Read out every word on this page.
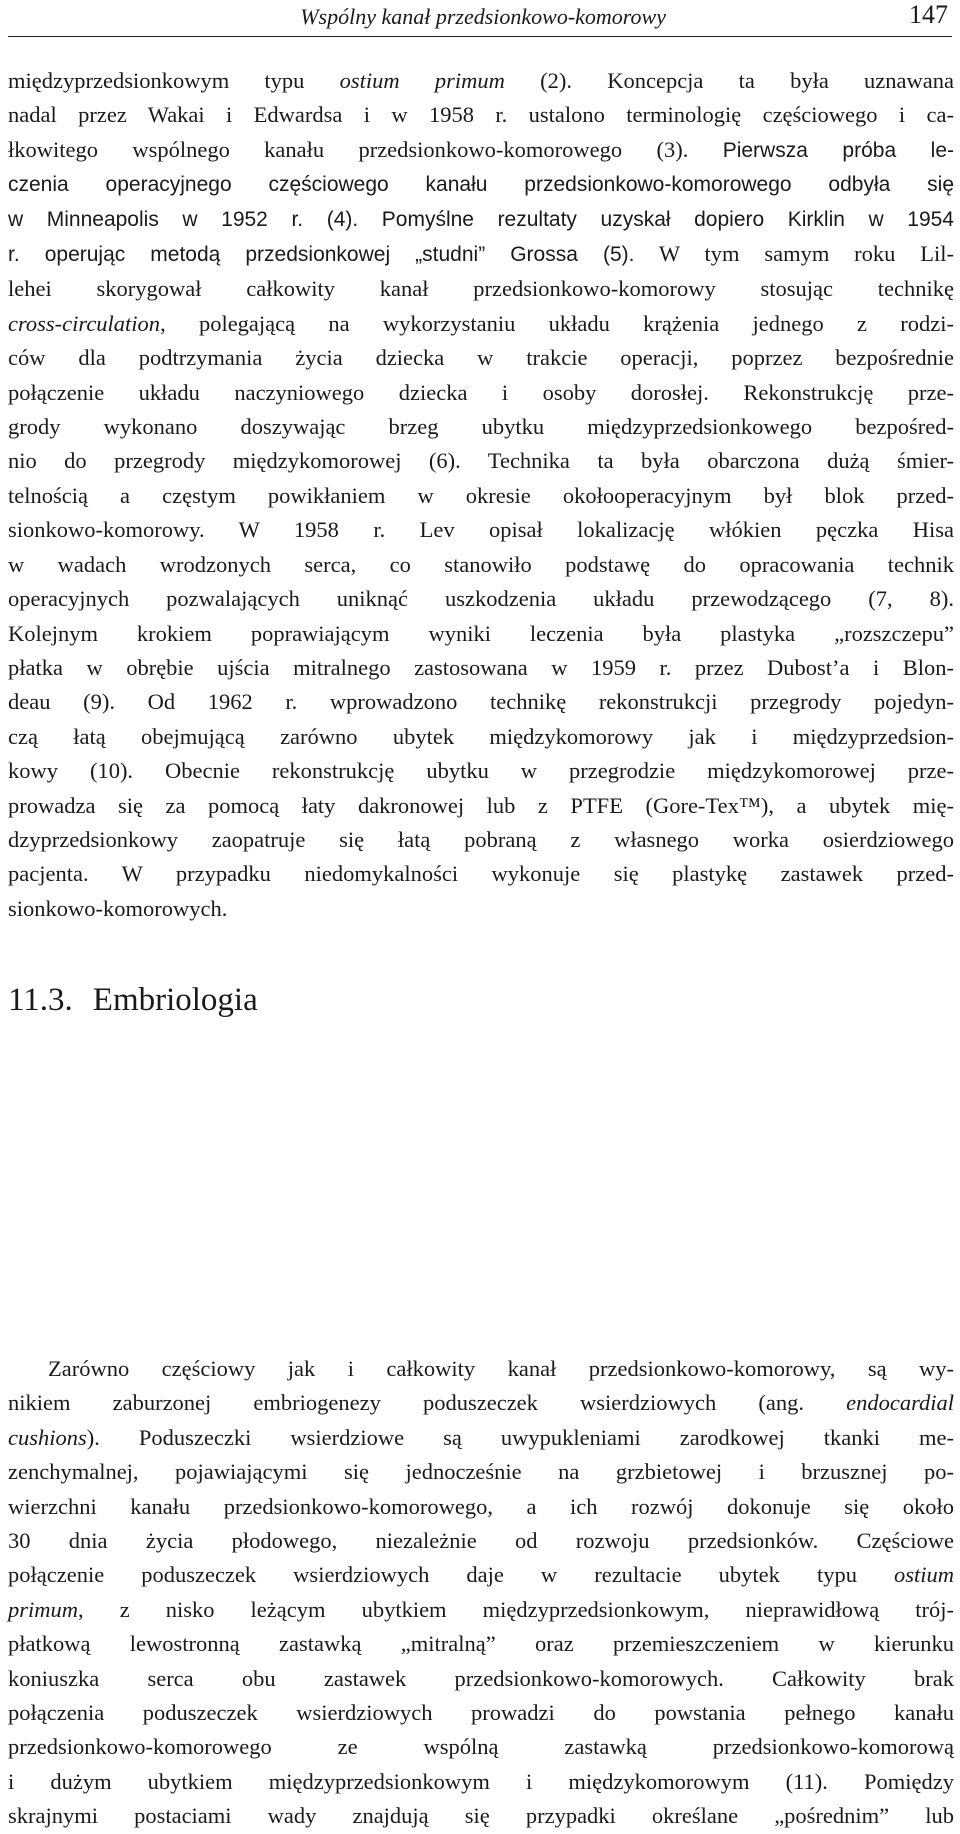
Wspólny kanał przedsionkowo-komorowy	147

międzyprzedsionkowym typu ostium primum (2). Koncepcja ta była uznawana
nadal przez Wakai i Edwardsa i w 1958 r. ustalono terminologię częściowego i ca-
łkowitego wspólnego kanału przedsionkowo-komorowego (3). Pierwsza próba le-
czenia operacyjnego częściowego kanału przedsionkowo-komorowego odbyła się
w Minneapolis w 1952 r. (4). Pomyślne rezultaty uzyskał dopiero Kirklin w 1954
r. operując metodą przedsionkowej „studni” Grossa (5). W tym samym roku Lil-
lehei skorygował całkowity kanał przedsionkowo-komorowy stosując technikę
cross-circulation, polegającą na wykorzystaniu układu krążenia jednego z rodzi-
ców dla podtrzymania życia dziecka w trakcie operacji, poprzez bezpośrednie
połączenie układu naczyniowego dziecka i osoby dorosłej. Rekonstrukcję prze-
grody wykonano doszywając brzeg ubytku międzyprzedsionkowego bezpośred-
nio do przegrody międzykomorowej (6). Technika ta była obarczona dużą śmier-
telnością a częstym powikłaniem w okresie okołooperacyjnym był blok przed-
sionkowo-komorowy. W 1958 r. Lev opisał lokalizację włókien pęczka Hisa
w wadach wrodzonych serca, co stanowiło podstawę do opracowania technik
operacyjnych pozwalających uniknąć uszkodzenia układu przewodzącego (7, 8).
Kolejnym krokiem poprawiającym wyniki leczenia była plastyka „rozszczepu”
płatka w obrębie ujścia mitralnego zastosowana w 1959 r. przez Dubost’a i Blon-
deau (9). Od 1962 r. wprowadzono technikę rekonstrukcji przegrody pojedyn-
czą łatą obejmującą zarówno ubytek międzykomorowy jak i międzyprzedsion-
kowy (10). Obecnie rekonstrukcję ubytku w przegrodzie międzykomorowej prze-
prowadza się za pomocą łaty dakronowej lub z PTFE (Gore-Tex™), a ubytek mię-
dzyprzedsionkowy zaopatruje się łatą pobraną z własnego worka osierdziowego
pacjenta. W przypadku niedomykalności wykonuje się plastykę zastawek przed-
sionkowo-komorowych.

11.3. Embriologia

Zarówno częściowy jak i całkowity kanał przedsionkowo-komorowy, są wy-
nikiem zaburzonej embriogenezy poduszeczek wsierdziowych (ang. endocardial
cushions). Poduszeczki wsierdziowe są uwypukleniami zarodkowej tkanki me-
zenchymalnej, pojawiającymi się jednocześnie na grzbietowej i brzusznej po-
wierzchni kanału przedsionkowo-komorowego, a ich rozwój dokonuje się około
30 dnia życia płodowego, niezależnie od rozwoju przedsionków. Częściowe
połączenie poduszeczek wsierdziowych daje w rezultacie ubytek typu ostium
primum, z nisko leżącym ubytkiem międzyprzedsionkowym, nieprawidłową trój-
płatkową lewostronną zastawką „mitralną” oraz przemieszczeniem w kierunku
koniuszka serca obu zastawek przedsionkowo-komorowych. Całkowity brak
połączenia poduszeczek wsierdziowych prowadzi do powstania pełnego kanału
przedsionkowo-komorowego ze wspólną zastawką przedsionkowo-komorową
i dużym ubytkiem międzyprzedsionkowym i międzykomorowym (11). Pomiędzy
skrajnymi postaciami wady znajdują się przypadki określane „pośrednim” lub
